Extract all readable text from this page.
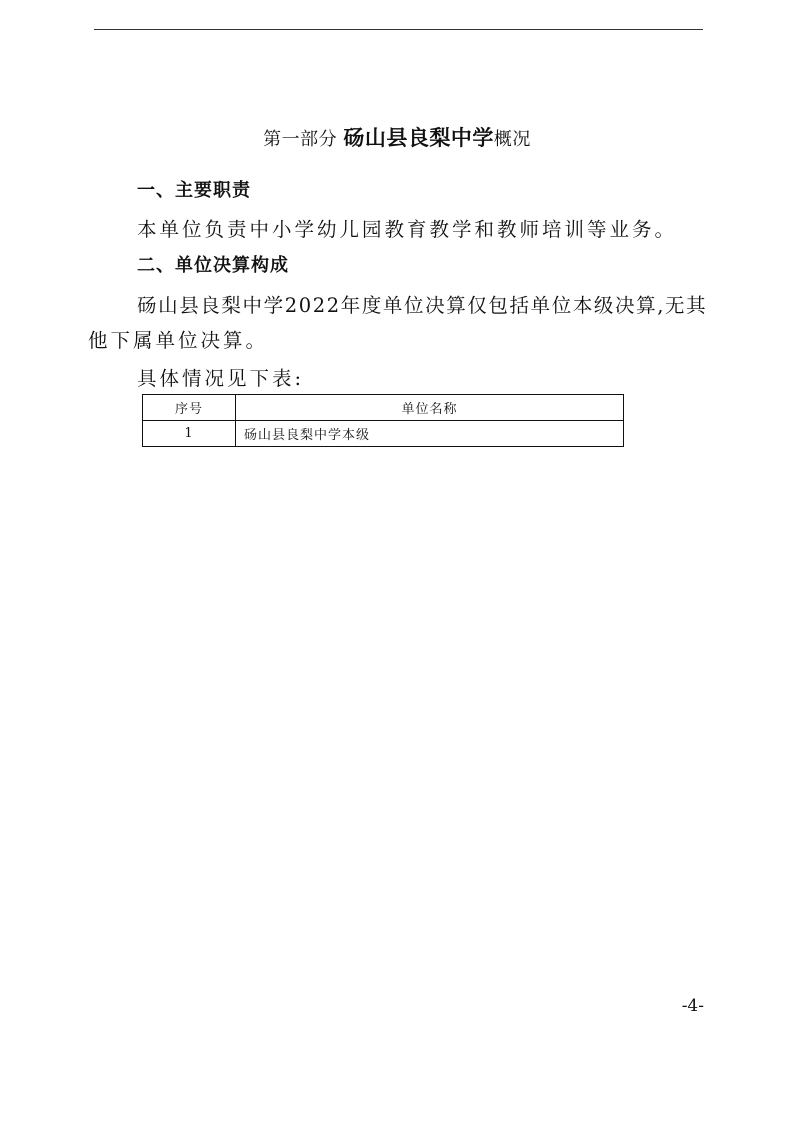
第一部分 砀山县良梨中学概况
一、主要职责
本单位负责中小学幼儿园教育教学和教师培训等业务。
二、单位决算构成
砀山县良梨中学2022年度单位决算仅包括单位本级决算,无其
他下属单位决算。
具体情况见下表:
序号	单位名称
1	砀山县良梨中学本级
-4-
